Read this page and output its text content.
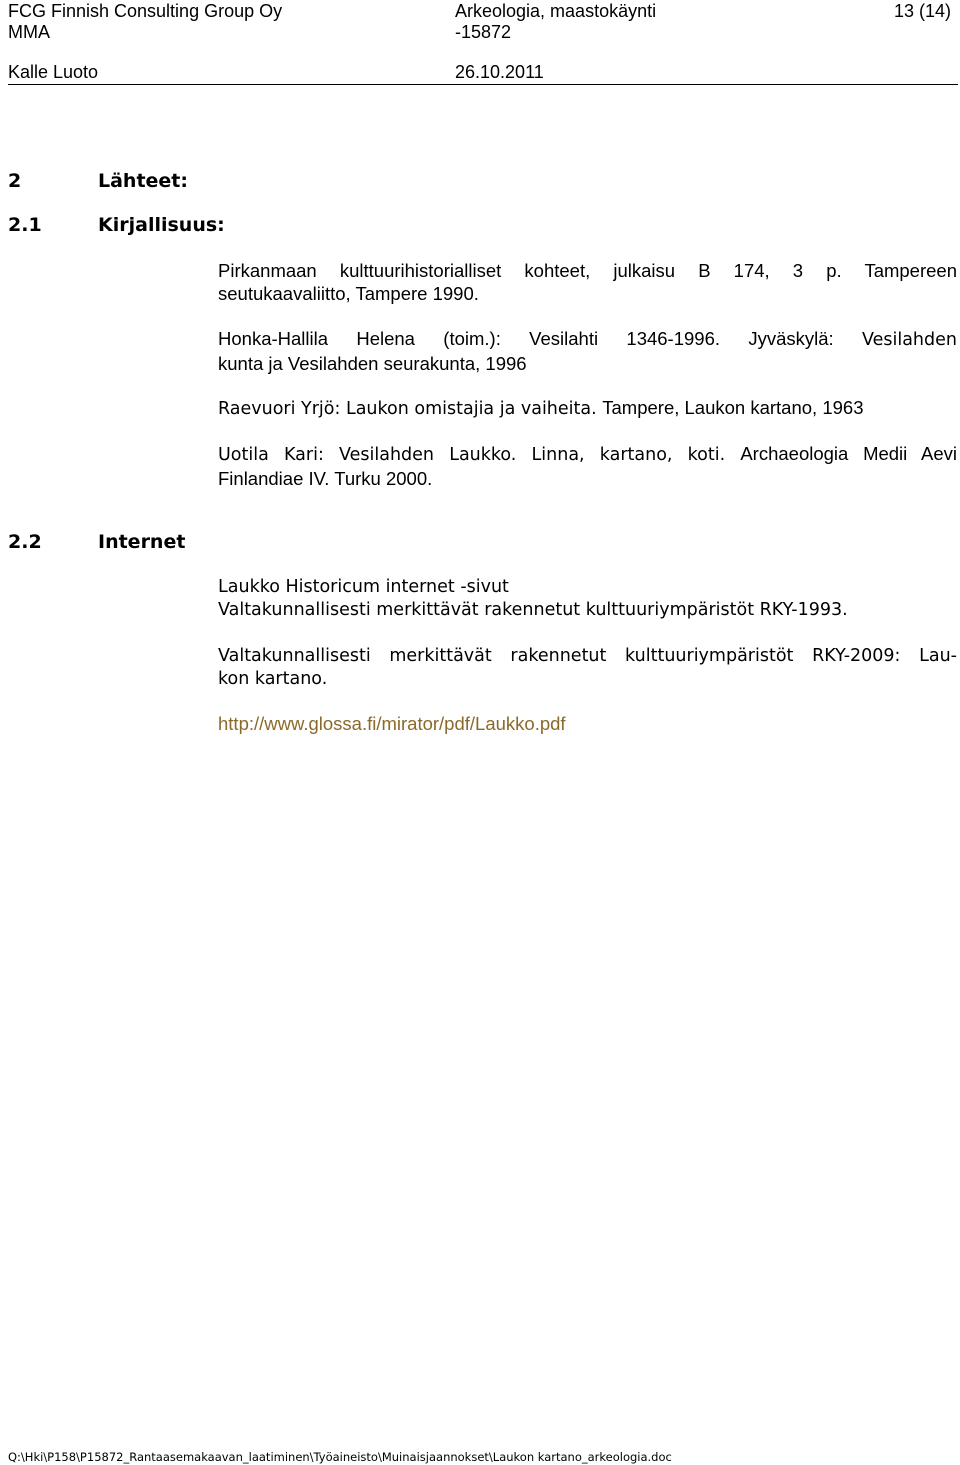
FCG Finnish Consulting Group Oy
MMA
Kalle Luoto
Arkeologia, maastokäynti
-15872
26.10.2011
13 (14)
2	Lähteet:
2.1	Kirjallisuus:
Pirkanmaan kulttuurihistorialliset kohteet, julkaisu B 174, 3 p. Tampereen
seutukaavaliitto, Tampere 1990.
Honka-Hallila Helena (toim.): Vesilahti 1346-1996. Jyväskylä: Vesilahden
kunta ja Vesilahden seurakunta, 1996
Raevuori Yrjö: Laukon omistajia ja vaiheita. Tampere, Laukon kartano, 1963
Uotila Kari: Vesilahden Laukko. Linna, kartano, koti. Archaeologia Medii Aevi
Finlandiae IV. Turku 2000.
2.2	Internet
Laukko Historicum internet -sivut
Valtakunnallisesti merkittävät rakennetut kulttuuriympäristöt RKY-1993.
Valtakunnallisesti merkittävät rakennetut kulttuuriympäristöt RKY-2009: Lau-
kon kartano.
http://www.glossa.fi/mirator/pdf/Laukko.pdf
Q:\Hki\P158\P15872_Rantaasemakaavan_laatiminen\Työaineisto\Muinaisjaannokset\Laukon kartano_arkeologia.doc
